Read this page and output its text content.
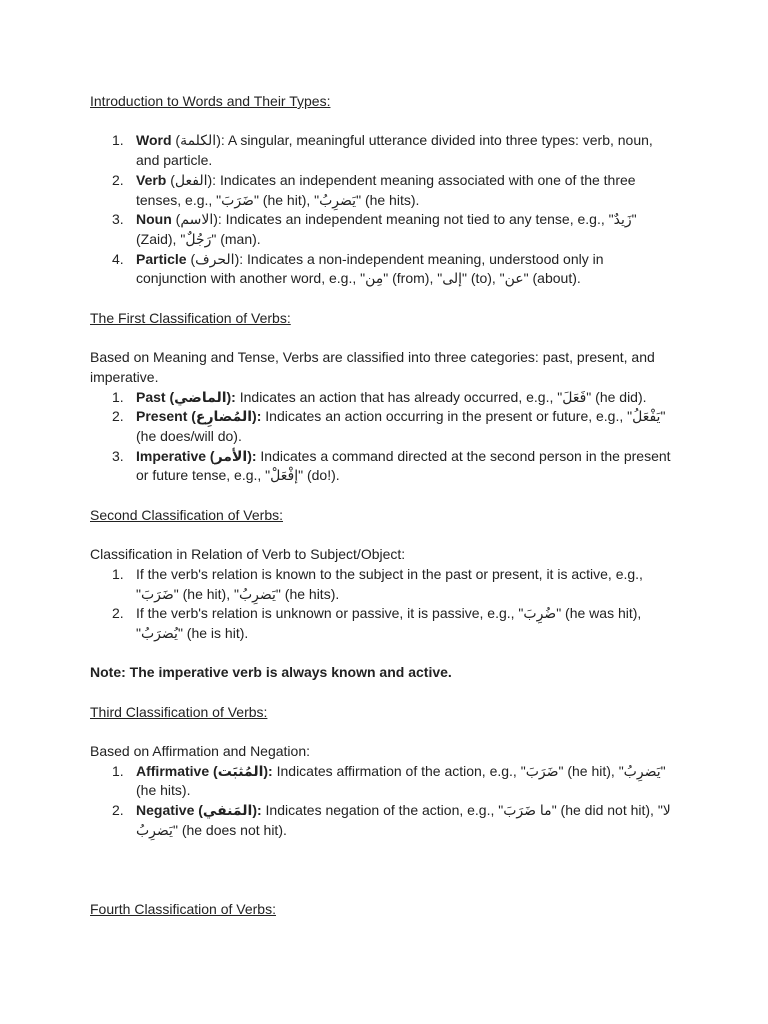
Introduction to Words and Their Types:

1. Word (الكلمة): A singular, meaningful utterance divided into three types: verb, noun, and particle.
2. Verb (الفعل): Indicates an independent meaning associated with one of the three tenses, e.g., "ضَرَبَ" (he hit), "يَضرِبُ" (he hits).
3. Noun (الاسم): Indicates an independent meaning not tied to any tense, e.g., "زَيدٌ" (Zaid), "رَجُلٌ" (man).
4. Particle (الحرف): Indicates a non-independent meaning, understood only in conjunction with another word, e.g., "مِن" (from), "إلى" (to), "عن" (about).

The First Classification of Verbs:

Based on Meaning and Tense, Verbs are classified into three categories: past, present, and imperative.

1. Past (الماضي): Indicates an action that has already occurred, e.g., "فَعَلَ" (he did).
2. Present (المُضارِع): Indicates an action occurring in the present or future, e.g., "يَفْعَلُ" (he does/will do).
3. Imperative (الأمر): Indicates a command directed at the second person in the present or future tense, e.g., "إفْعَلْ" (do!).

Second Classification of Verbs:

Classification in Relation of Verb to Subject/Object:

1. If the verb's relation is known to the subject in the past or present, it is active, e.g., "ضَرَبَ" (he hit), "يَضرِبُ" (he hits).
2. If the verb's relation is unknown or passive, it is passive, e.g., "ضُرِبَ" (he was hit), "يُضرَبُ" (he is hit).

Note: The imperative verb is always known and active.

Third Classification of Verbs:

Based on Affirmation and Negation:

1. Affirmative (المُثبَت): Indicates affirmation of the action, e.g., "ضَرَبَ" (he hit), "يَضرِبُ" (he hits).
2. Negative (المَنفي): Indicates negation of the action, e.g., "ما ضَرَبَ" (he did not hit), "لا يَضرِبُ" (he does not hit).

Fourth Classification of Verbs:
